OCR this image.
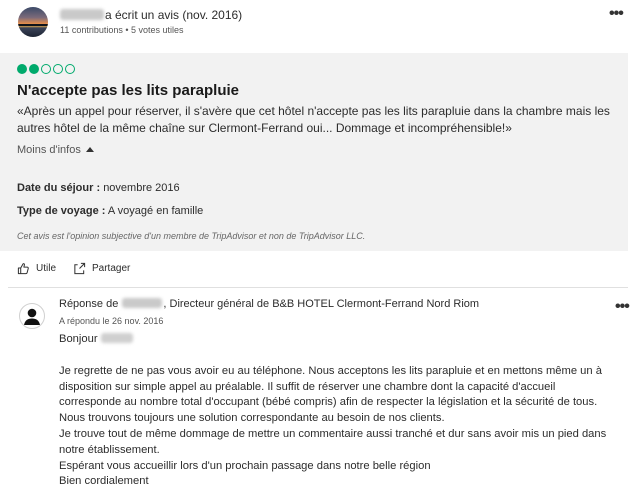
a écrit un avis (nov. 2016)
11 contributions • 5 votes utiles
•••
N'accepte pas les lits parapluie
«Après un appel pour réserver, il s'avère que cet hôtel n'accepte pas les lits parapluie dans la chambre mais les autres hôtel de la même chaîne sur Clermont-Ferrand oui... Dommage et incompréhensible!»
Moins d'infos
Date du séjour : novembre 2016
Type de voyage : A voyagé en famille
Cet avis est l'opinion subjective d'un membre de TripAdvisor et non de TripAdvisor LLC.
Utile	Partager
Réponse de	, Directeur général de B&B HOTEL Clermont-Ferrand Nord Riom
A répondu le 26 nov. 2016
•••

Bonjour

Je regrette de ne pas vous avoir eu au téléphone. Nous acceptons les lits parapluie et en mettons même un à disposition sur simple appel au préalable. Il suffit de réserver une chambre dont la capacité d'accueil corresponde au nombre total d'occupant (bébé compris) afin de respecter la législation et la sécurité de tous. Nous trouvons toujours une solution correspondante au besoin de nos clients.

Je trouve tout de même dommage de mettre un commentaire aussi tranché et dur sans avoir mis un pied dans notre établissement.

Espérant vous accueillir lors d'un prochain passage dans notre belle région

Bien cordialement
